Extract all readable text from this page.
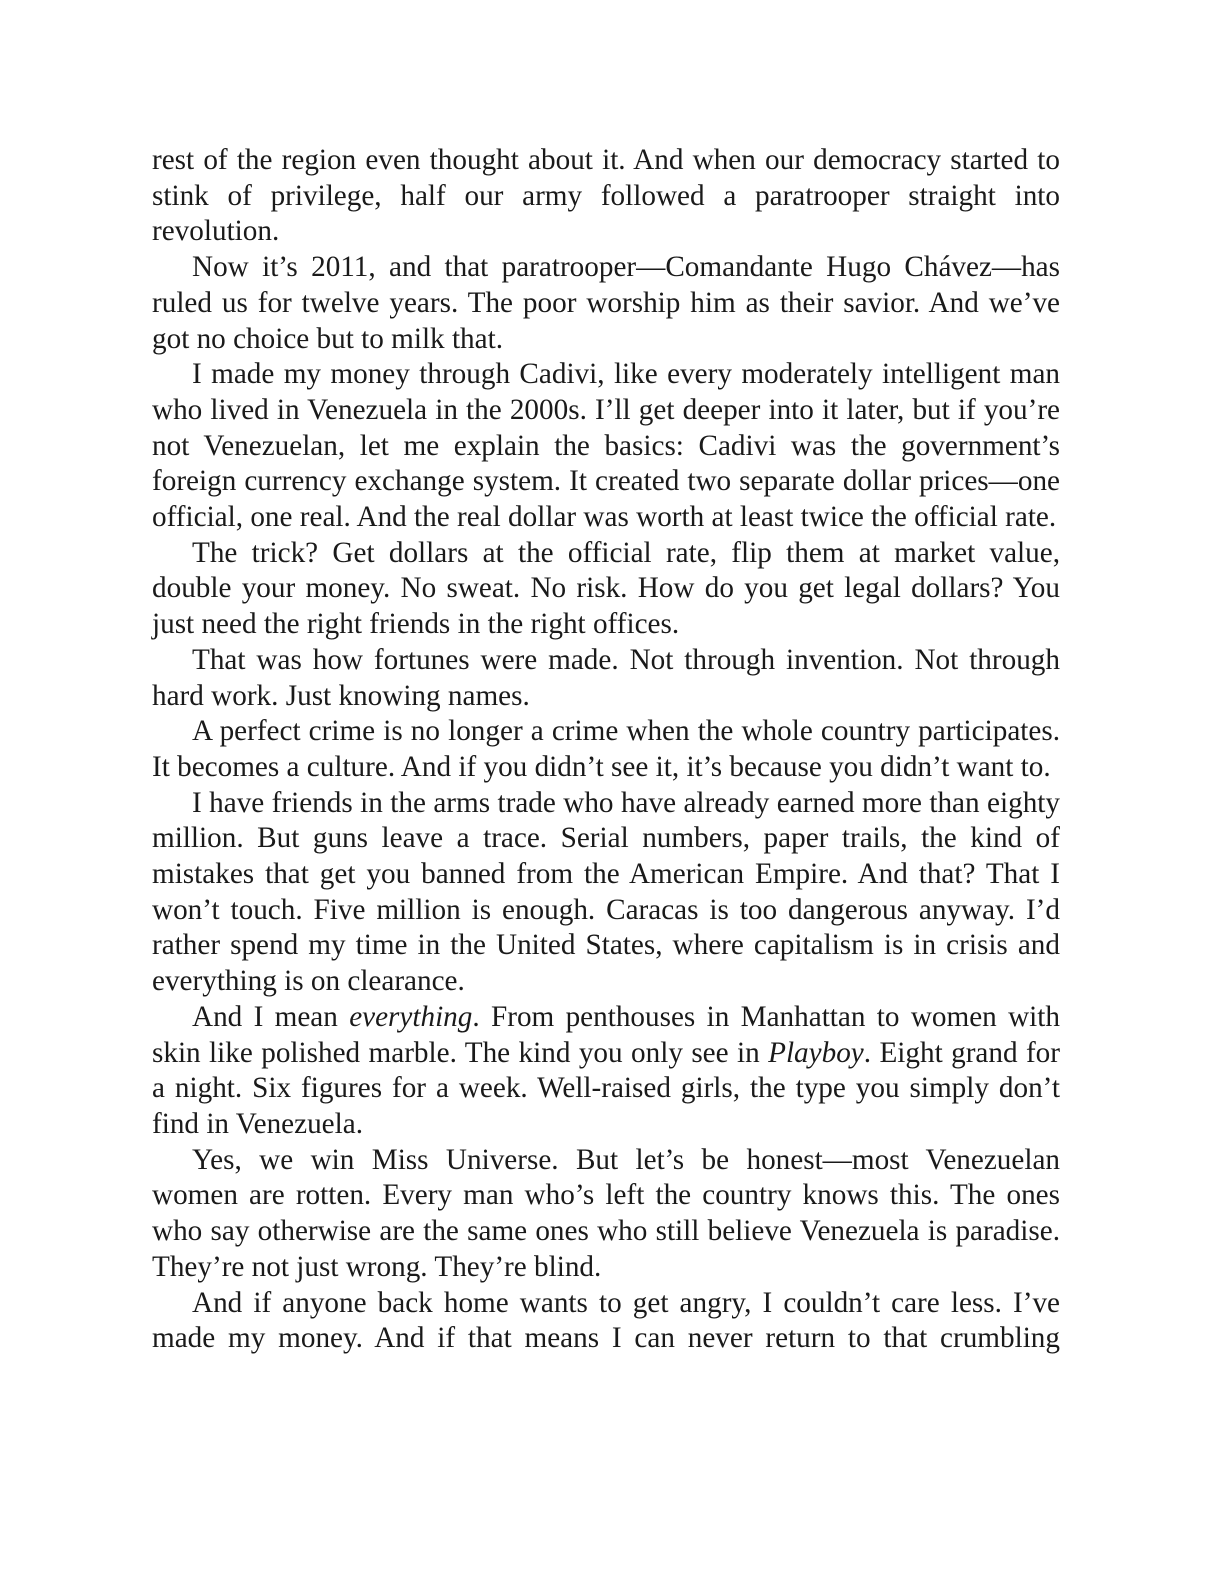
rest of the region even thought about it. And when our democracy started to stink of privilege, half our army followed a paratrooper straight into revolution.

Now it’s 2011, and that paratrooper—Comandante Hugo Chávez—has ruled us for twelve years. The poor worship him as their savior. And we’ve got no choice but to milk that.

I made my money through Cadivi, like every moderately intelligent man who lived in Venezuela in the 2000s. I’ll get deeper into it later, but if you’re not Venezuelan, let me explain the basics: Cadivi was the government’s foreign currency exchange system. It created two separate dollar prices—one official, one real. And the real dollar was worth at least twice the official rate.

The trick? Get dollars at the official rate, flip them at market value, double your money. No sweat. No risk. How do you get legal dollars? You just need the right friends in the right offices.

That was how fortunes were made. Not through invention. Not through hard work. Just knowing names.

A perfect crime is no longer a crime when the whole country participates. It becomes a culture. And if you didn’t see it, it’s because you didn’t want to.

I have friends in the arms trade who have already earned more than eighty million. But guns leave a trace. Serial numbers, paper trails, the kind of mistakes that get you banned from the American Empire. And that? That I won’t touch. Five million is enough. Caracas is too dangerous anyway. I’d rather spend my time in the United States, where capitalism is in crisis and everything is on clearance.

And I mean everything. From penthouses in Manhattan to women with skin like polished marble. The kind you only see in Playboy. Eight grand for a night. Six figures for a week. Well-raised girls, the type you simply don’t find in Venezuela.

Yes, we win Miss Universe. But let’s be honest—most Venezuelan women are rotten. Every man who’s left the country knows this. The ones who say otherwise are the same ones who still believe Venezuela is paradise. They’re not just wrong. They’re blind.

And if anyone back home wants to get angry, I couldn’t care less. I’ve made my money. And if that means I can never return to that crumbling
